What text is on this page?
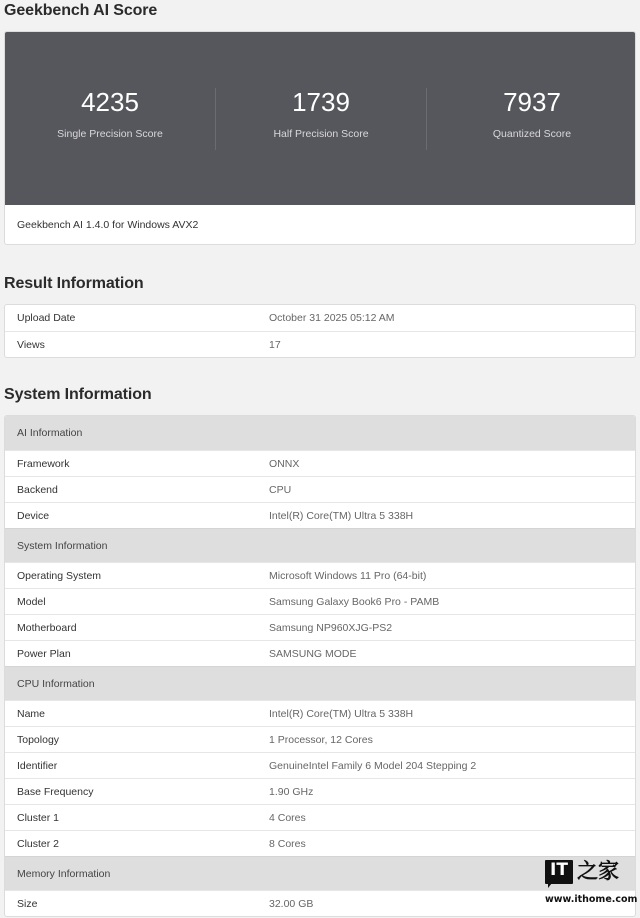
Geekbench AI Score
4235
Single Precision Score
1739
Half Precision Score
7937
Quantized Score
Geekbench AI 1.4.0 for Windows AVX2
Result Information
Upload Date	October 31 2025 05:12 AM
Views	17
System Information
AI Information
Framework	ONNX
Backend	CPU
Device	Intel(R) Core(TM) Ultra 5 338H
System Information
Operating System	Microsoft Windows 11 Pro (64-bit)
Model	Samsung Galaxy Book6 Pro - PAMB
Motherboard	Samsung NP960XJG-PS2
Power Plan	SAMSUNG MODE
CPU Information
Name	Intel(R) Core(TM) Ultra 5 338H
Topology	1 Processor, 12 Cores
Identifier	GenuineIntel Family 6 Model 204 Stepping 2
Base Frequency	1.90 GHz
Cluster 1	4 Cores
Cluster 2	8 Cores
Memory Information
Size	32.00 GB
IT 之家
www.ithome.com
